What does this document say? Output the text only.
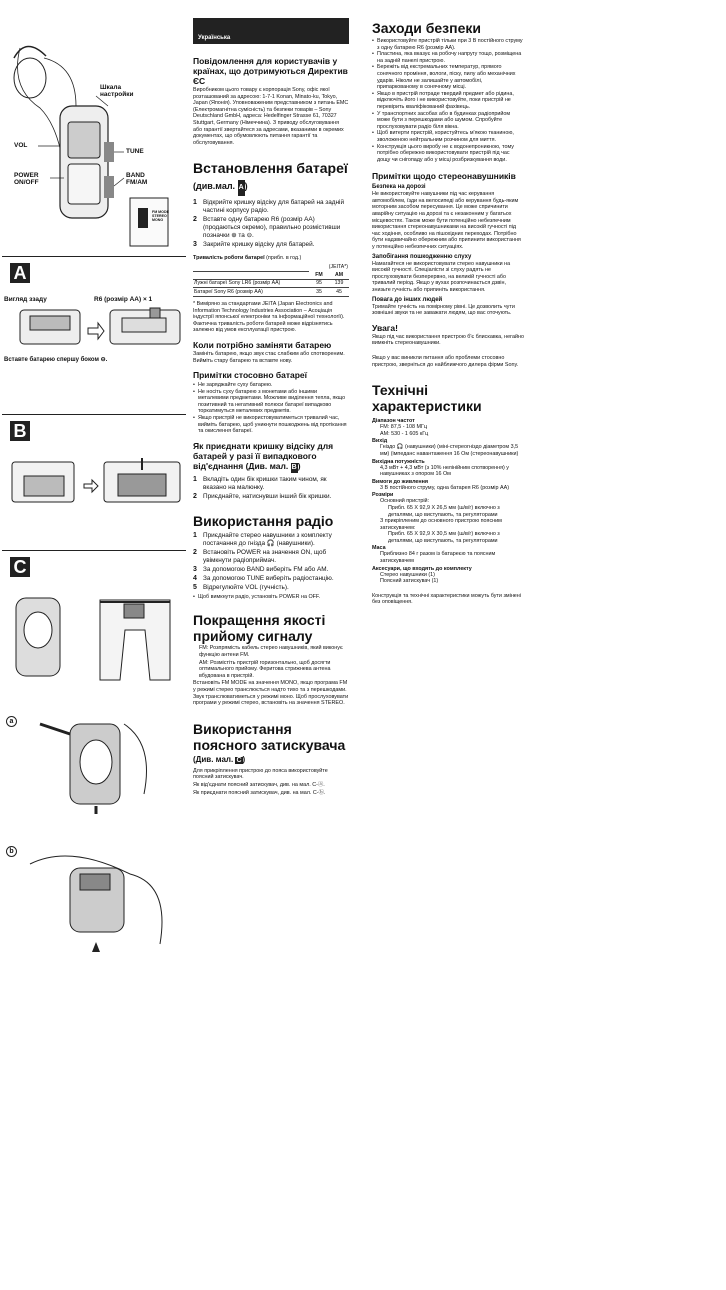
Шкала
настройки
VOL
TUNE
POWER
ON/OFF
BAND
FM/AM
FM MODE
STEREO
MONO
A
Вигляд ззаду	R6 (розмір AA) × 1
Вставте батарею спершу боком ⊖.
B
C
a
b
Українська
Повідомлення для користувачів у країнах, що дотримуються Директив ЄС

Виробником цього товару є корпорація Sony, офіс якої розташований за адресою: 1-7-1 Konan, Minato-ku, Tokyo, Japan (Японія). Уповноваженим представником з питань ЕМС (Електромагнітна сумісність) та безпеки товарів – Sony Deutschland GmbH, адреса: Hedelfinger Strasse 61, 70327 Stuttgart, Germany (Німеччина). З приводу обслуговування або гарантії звертайтеся за адресами, вказаними в окремих документах, що обумовлюють питання гарантії та обслуговування.

Встановлення батареї (див.мал. A)
1 Відкрийте кришку відсіку для батарей на задній частині корпусу радіо.
2 Вставте одну батарею R6 (розмір AA) (продаються окремо), правильно розмістивши позначки ⊕ та ⊖.
3 Закрийте кришку відсіку для батарей.
Тривалість роботи батареї (прибл. в год.)
	(JEITA*)	
	FM	AM
Лужні батареї Sony LR6 (розмір AA)	95	139
Батареї Sony R6 (розмір AA)	35	45

* Виміряно за стандартами JEITA (Japan Electronics and Information Technology Industries Association – Асоціація індустрії японської електроніки та інформаційної технології). Фактична тривалість роботи батарей може відрізнятись залежно від умов експлуатації пристрою.

Коли потрібно заміняти батарею

Замініть батарею, якщо звук стає слабким або спотвореним. Вийміть стару батарею та вставте нову.

Примітки стосовно батареї
• Не заряджайте суху батарею.
• Не носіть суху батарею з монетами або іншими металевими предметами. Можливе виділення тепла, якщо позитивний та негативний полюси батареї випадково торкатимуться металевих предметів.
• Якщо пристрій не використовуватиметься тривалий час, вийміть батарею, щоб уникнути пошкоджень від протікання та окислення батареї.
Як приєднати кришку відсіку для батарей у разі її випадкового від'єднання (Див. мал. B)
1 Вкладіть один бік кришки таким чином, як вказано на малюнку.
2 Приєднайте, натиснувши інший бік кришки.
Використання радіо
1 Приєднайте стерео навушники з комплекту постачання до гнізда 🎧 (навушники).
2 Встановіть POWER на значення ON, щоб увімкнути радіоприймач.
3 За допомогою BAND виберіть FM або AM.
4 За допомогою TUNE виберіть радіостанцію.
5 Відрегулюйте VOL (гучність).
• Щоб вимкнути радіо, установіть POWER на OFF.
Покращення якості прийому сигналу

FM: Розпрямість кабель стерео навушників, який виконує функцію антени FM.

AM: Розмістіть пристрій горизонтально, щоб досягти оптимального прийому. Феритова стрижнева антена вбудована в пристрій.

Встановіть FM MODE на значення MONO, якщо програма FM у режимі стерео транслюється надто тихо та з перешкодами. Звук транслюватиметься у режимі моно. Щоб прослуховувати програми у режимі стерео, встановіть на значення STEREO.

Використання поясного затискувача
(Див. мал. C)

Для прикріплення пристрою до пояса використовуйте поясний затискувач.

Як від'єднати поясний затискувач, див. на мал. C-ⓐ.

Як приєднати поясний затискувач, див. на мал. C-ⓑ.

Заходи безпеки
• Використовуйте пристрій тільки при 3 В постійного струму з одну батарею R6 (розмір AA).
• Пластина, яка вказує на робочу напругу тощо, розміщена на задній панелі пристрою.
• Бережіть від екстремальних температур, прямого сонячного проміння, вологи, піску, пилу або механічних ударів. Ніколи не залишайте у автомобілі, припаркованому в сонячному місці.
• Якщо в пристрій потраде твердий предмет або рідина, відключіть його і не використовуйте, поки пристрій не перевірить кваліфікований фахівець.
• У транспортних засобах або в будинках радіоприйом може бути з перешкодами або шумом. Спробуйте прослуховувати радіо біля вікна.
• Щоб витерти пристрій, користуйтесь м'якою тканиною, зволоженою нейтральним розчином для миття.
• Конструкція цього виробу не є водонепроникною, тому потрібно обережно використовувати пристрій під час дощу чи снігопаду або у місці розбризкування води.
Примітки щодо стереонавушників
Безпека на дорозі

Не використовуйте навушники під час керування автомобілем, їзди на велосипеді або керування будь-яким моторним засобом пересування. Це може спричинити аварійну ситуацію на дорозі та є незаконним у багатьох місцевостях. Також може бути потенційно небезпечним використання стереонавушниками на високій гучності під час ходіння, особливо на пішохідних переходах. Потрібно бути надзвичайно обережним або припинити використання у потенційно небезпечних ситуаціях.

Запобігання пошкодженню слуху

Намагайтеся не використовувати стерео навушники на високій гучності. Спеціалісти зі слуху радять не прослуховувати безперервно, на великій гучності або тривалий період. Якщо у вухах розпочинається дзвін, знизьте гучність або припиніть використання.

Повага до інших людей

Тримайте гучність на помірному рівні. Це дозволить чути зовнішні звуки та не заважати людям, що вас оточують.

Увага!

Якщо під час використання пристрою б'є блискавка, негайно вимкніть стереонавушники.

Якщо у вас виникли питання або проблеми стосовно пристрою, зверніться до найближчого дилера фірми Sony.

Технічні характеристики
Діапазон частот
FM: 87,5 - 108 МГц
AM: 530 - 1 605 кГц
Вихід
Гніздо 🎧 (навушники) (міні-стереогніздо діаметром 3,5 мм) (імпеданс навантаження 16 Ом (стереонавушники)
Вихідна потужність
4,3 мВт + 4,3 мВт (з 10% нелінійним спотворення) у навушниках з опором 16 Ом
Вимоги до живлення
3 В постійного струму, одна батарея R6 (розмір AA)
Розміри
Основний пристрій:
Прибл. 65 X 92,9 X 26,5 мм (ш/в/г) включно з деталями, що виступають, та регуляторами
З прикріпленим до основного пристрою поясним затискувачем:
Прибл. 65 X 92,9 X 30,5 мм (ш/в/г) включно з деталями, що виступають, та регуляторами
Маса
Приблизно 84 г разом із батареєю та поясним затискувачем
Аксесуари, що входять до комплекту
Стерео навушники (1)
Поясний затискувач (1)

Конструкція та технічні характеристики можуть бути змінені без оповіщення.
